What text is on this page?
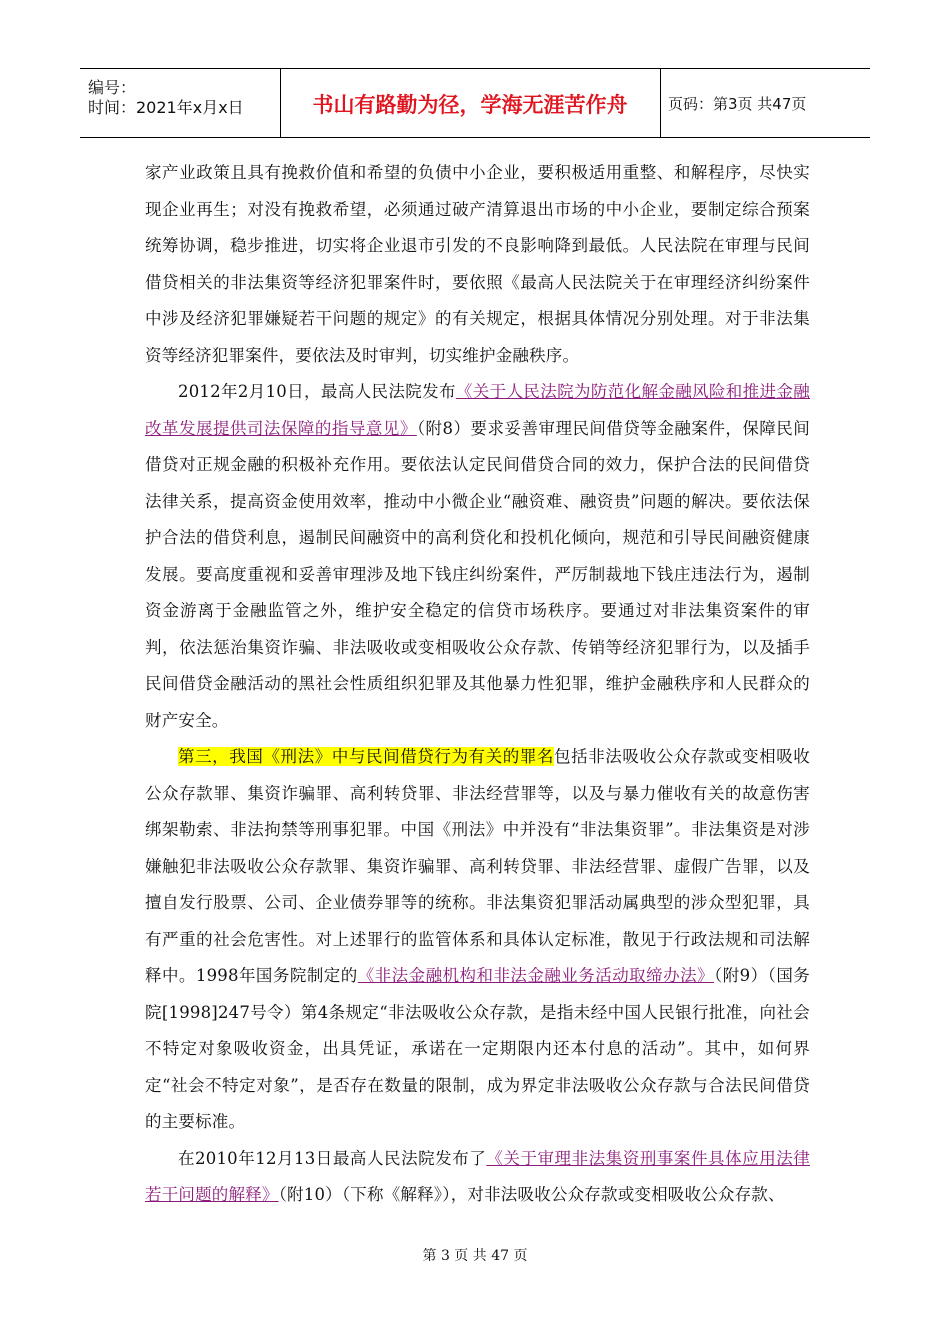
编号：
时间：2021年x月x日	书山有路勤为径，学海无涯苦作舟	页码：第3页 共47页

家产业政策且具有挽救价值和希望的负债中小企业，要积极适用重整、和解程序，尽快实现企业再生；对没有挽救希望，必须通过破产清算退出市场的中小企业，要制定综合预案统筹协调，稳步推进，切实将企业退市引发的不良影响降到最低。人民法院在审理与民间借贷相关的非法集资等经济犯罪案件时，要依照《最高人民法院关于在审理经济纠纷案件中涉及经济犯罪嫌疑若干问题的规定》的有关规定，根据具体情况分别处理。对于非法集资等经济犯罪案件，要依法及时审判，切实维护金融秩序。

2012年2月10日，最高人民法院发布《关于人民法院为防范化解金融风险和推进金融改革发展提供司法保障的指导意见》（附8）要求妥善审理民间借贷等金融案件，保障民间借贷对正规金融的积极补充作用。要依法认定民间借贷合同的效力，保护合法的民间借贷法律关系，提高资金使用效率，推动中小微企业“融资难、融资贵”问题的解决。要依法保护合法的借贷利息，遏制民间融资中的高利贷化和投机化倾向，规范和引导民间融资健康发展。要高度重视和妥善审理涉及地下钱庄纠纷案件，严厉制裁地下钱庄违法行为，遏制资金游离于金融监管之外，维护安全稳定的信贷市场秩序。要通过对非法集资案件的审判，依法惩治集资诈骗、非法吸收或变相吸收公众存款、传销等经济犯罪行为，以及插手民间借贷金融活动的黑社会性质组织犯罪及其他暴力性犯罪，维护金融秩序和人民群众的财产安全。

第三，我国《刑法》中与民间借贷行为有关的罪名包括非法吸收公众存款或变相吸收公众存款罪、集资诈骗罪、高利转贷罪、非法经营罪等，以及与暴力催收有关的故意伤害绑架勒索、非法拘禁等刑事犯罪。中国《刑法》中并没有“非法集资罪”。非法集资是对涉嫌触犯非法吸收公众存款罪、集资诈骗罪、高利转贷罪、非法经营罪、虚假广告罪，以及擅自发行股票、公司、企业债券罪等的统称。非法集资犯罪活动属典型的涉众型犯罪，具有严重的社会危害性。对上述罪行的监管体系和具体认定标准，散见于行政法规和司法解释中。1998年国务院制定的《非法金融机构和非法金融业务活动取缔办法》（附9）（国务院[1998]247号令）第4条规定“非法吸收公众存款，是指未经中国人民银行批准，向社会不特定对象吸收资金，出具凭证，承诺在一定期限内还本付息的活动”。其中，如何界定“社会不特定对象”，是否存在数量的限制，成为界定非法吸收公众存款与合法民间借贷的主要标准。

在2010年12月13日最高人民法院发布了《关于审理非法集资刑事案件具体应用法律若干问题的解释》（附10）（下称《解释》），对非法吸收公众存款或变相吸收公众存款、

第 3 页 共 47 页
